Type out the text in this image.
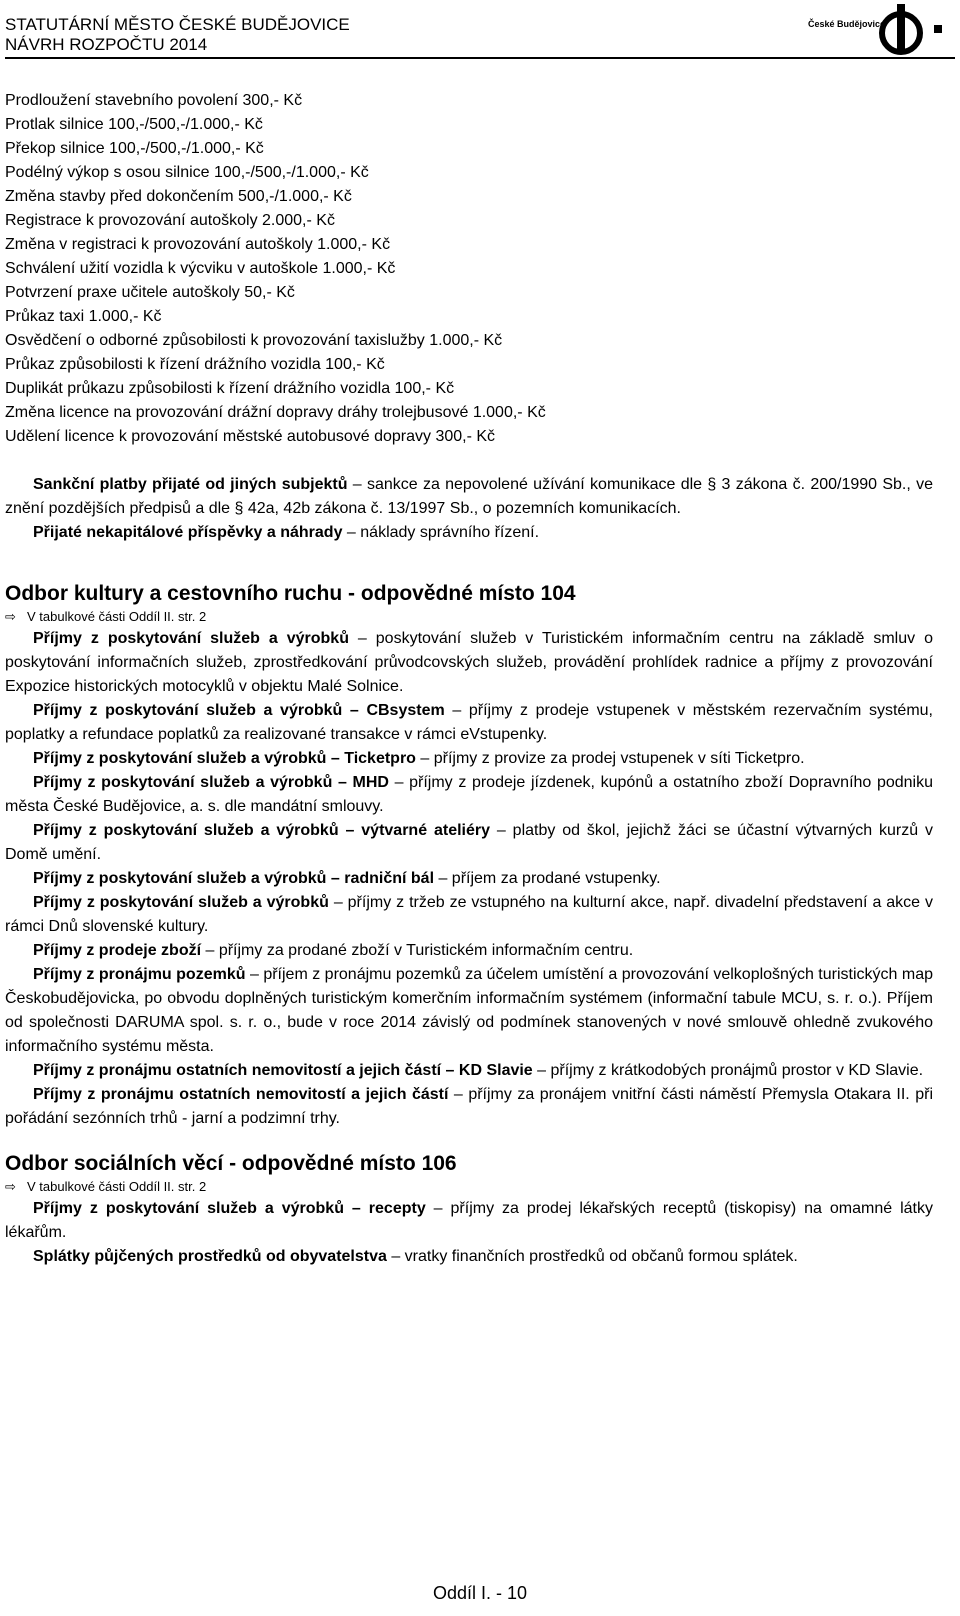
STATUTÁRNÍ MĚSTO ČESKÉ BUDĚJOVICE
NÁVRH ROZPOČTU 2014
České Budějovice
Prodloužení stavebního povolení 300,- Kč
Protlak silnice 100,-/500,-/1.000,- Kč
Překop silnice 100,-/500,-/1.000,- Kč
Podélný výkop s osou silnice 100,-/500,-/1.000,- Kč
Změna stavby před dokončením 500,-/1.000,- Kč
Registrace k provozování autoškoly 2.000,- Kč
Změna v registraci k provozování autoškoly 1.000,- Kč
Schválení užití vozidla k výcviku v autoškole 1.000,- Kč
Potvrzení praxe učitele autoškoly 50,- Kč
Průkaz taxi 1.000,- Kč
Osvědčení o odborné způsobilosti k provozování taxislužby 1.000,- Kč
Průkaz způsobilosti k řízení drážního vozidla 100,- Kč
Duplikát průkazu způsobilosti k řízení drážního vozidla 100,- Kč
Změna licence na provozování drážní dopravy dráhy trolejbusové 1.000,- Kč
Udělení licence k provozování městské autobusové dopravy 300,- Kč
Sankční platby přijaté od jiných subjektů – sankce za nepovolené užívání komunikace dle § 3 zákona č. 200/1990 Sb., ve znění pozdějších předpisů a dle § 42a, 42b zákona č. 13/1997 Sb., o pozemních komunikacích.
Přijaté nekapitálové příspěvky a náhrady – náklady správního řízení.
Odbor kultury a cestovního ruchu - odpovědné místo 104
⇨ V tabulkové části Oddíl II. str. 2
Příjmy z poskytování služeb a výrobků – poskytování služeb v Turistickém informačním centru na základě smluv o poskytování informačních služeb, zprostředkování průvodcovských služeb, provádění prohlídek radnice a příjmy z provozování Expozice historických motocyklů v objektu Malé Solnice.
Příjmy z poskytování služeb a výrobků – CBsystem – příjmy z prodeje vstupenek v městském rezervačním systému, poplatky a refundace poplatků za realizované transakce v rámci eVstupenky.
Příjmy z poskytování služeb a výrobků – Ticketpro – příjmy z provize za prodej vstupenek v síti Ticketpro.
Příjmy z poskytování služeb a výrobků – MHD – příjmy z prodeje jízdenek, kupónů a ostatního zboží Dopravního podniku města České Budějovice, a. s. dle mandátní smlouvy.
Příjmy z poskytování služeb a výrobků – výtvarné ateliéry – platby od škol, jejichž žáci se účastní výtvarných kurzů v Domě umění.
Příjmy z poskytování služeb a výrobků – radniční bál – příjem za prodané vstupenky.
Příjmy z poskytování služeb a výrobků – příjmy z tržeb ze vstupného na kulturní akce, např. divadelní představení a akce v rámci Dnů slovenské kultury.
Příjmy z prodeje zboží – příjmy za prodané zboží v Turistickém informačním centru.
Příjmy z pronájmu pozemků – příjem z pronájmu pozemků za účelem umístění a provozování velkoplošných turistických map Českobudějovicka, po obvodu doplněných turistickým komerčním informačním systémem (informační tabule MCU, s. r. o.). Příjem od společnosti DARUMA spol. s. r. o., bude v roce 2014 závislý od podmínek stanovených v nové smlouvě ohledně zvukového informačního systému města.
Příjmy z pronájmu ostatních nemovitostí a jejich částí – KD Slavie – příjmy z krátkodobých pronájmů prostor v KD Slavie.
Příjmy z pronájmu ostatních nemovitostí a jejich částí – příjmy za pronájem vnitřní části náměstí Přemysla Otakara II. při pořádání sezónních trhů - jarní a podzimní trhy.
Odbor sociálních věcí - odpovědné místo 106
⇨ V tabulkové části Oddíl II. str. 2
Příjmy z poskytování služeb a výrobků – recepty – příjmy za prodej lékařských receptů (tiskopisy) na omamné látky lékařům.
Splátky půjčených prostředků od obyvatelstva – vratky finančních prostředků od občanů formou splátek.
Oddíl I. - 10
